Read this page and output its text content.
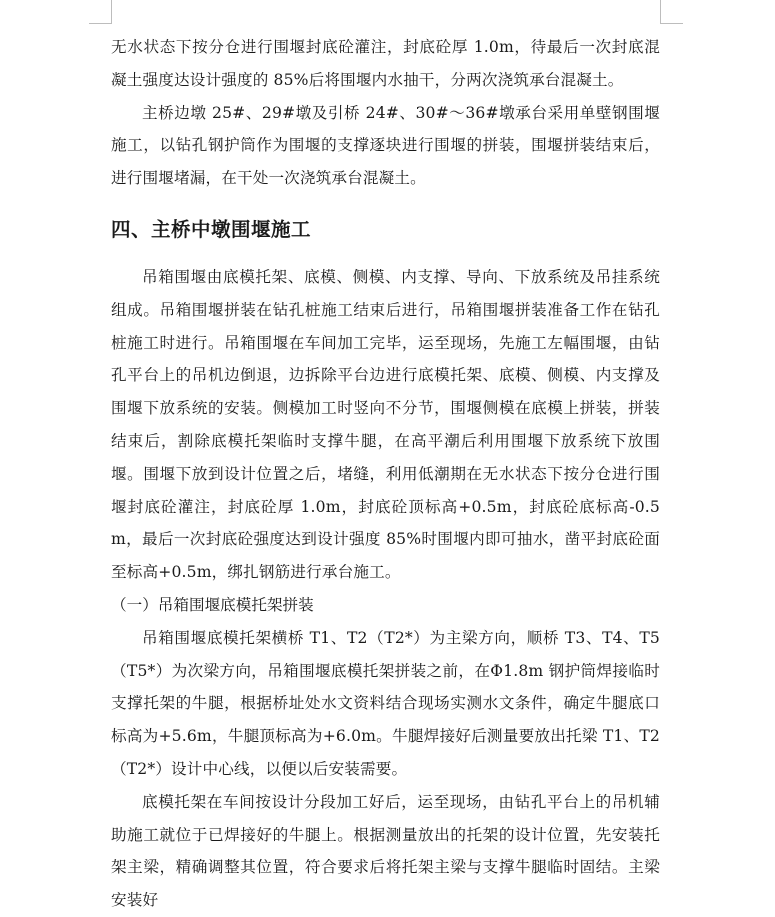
无水状态下按分仓进行围堰封底砼灌注，封底砼厚 1.0m，待最后一次封底混凝土强度达设计强度的 85%后将围堰内水抽干，分两次浇筑承台混凝土。

主桥边墩 25#、29#墩及引桥 24#、30#～36#墩承台采用单壁钢围堰施工，以钻孔钢护筒作为围堰的支撑逐块进行围堰的拼装，围堰拼装结束后，进行围堰堵漏，在干处一次浇筑承台混凝土。

四、主桥中墩围堰施工

吊箱围堰由底模托架、底模、侧模、内支撑、导向、下放系统及吊挂系统组成。吊箱围堰拼装在钻孔桩施工结束后进行，吊箱围堰拼装准备工作在钻孔桩施工时进行。吊箱围堰在车间加工完毕，运至现场，先施工左幅围堰，由钻孔平台上的吊机边倒退，边拆除平台边进行底模托架、底模、侧模、内支撑及围堰下放系统的安装。侧模加工时竖向不分节，围堰侧模在底模上拼装，拼装结束后，割除底模托架临时支撑牛腿，在高平潮后利用围堰下放系统下放围堰。围堰下放到设计位置之后，堵缝，利用低潮期在无水状态下按分仓进行围堰封底砼灌注，封底砼厚 1.0m，封底砼顶标高+0.5m，封底砼底标高-0.5m，最后一次封底砼强度达到设计强度 85%时围堰内即可抽水，凿平封底砼面至标高+0.5m，绑扎钢筋进行承台施工。

（一）吊箱围堰底模托架拼装

吊箱围堰底模托架横桥 T1、T2（T2*）为主梁方向，顺桥 T3、T4、T5（T5*）为次梁方向，吊箱围堰底模托架拼装之前，在Φ1.8m 钢护筒焊接临时支撑托架的牛腿，根据桥址处水文资料结合现场实测水文条件，确定牛腿底口标高为+5.6m，牛腿顶标高为+6.0m。牛腿焊接好后测量要放出托梁 T1、T2（T2*）设计中心线，以便以后安装需要。

底模托架在车间按设计分段加工好后，运至现场，由钻孔平台上的吊机辅助施工就位于已焊接好的牛腿上。根据测量放出的托架的设计位置，先安装托架主梁，精确调整其位置，符合要求后将托架主梁与支撑牛腿临时固结。主梁安装好
